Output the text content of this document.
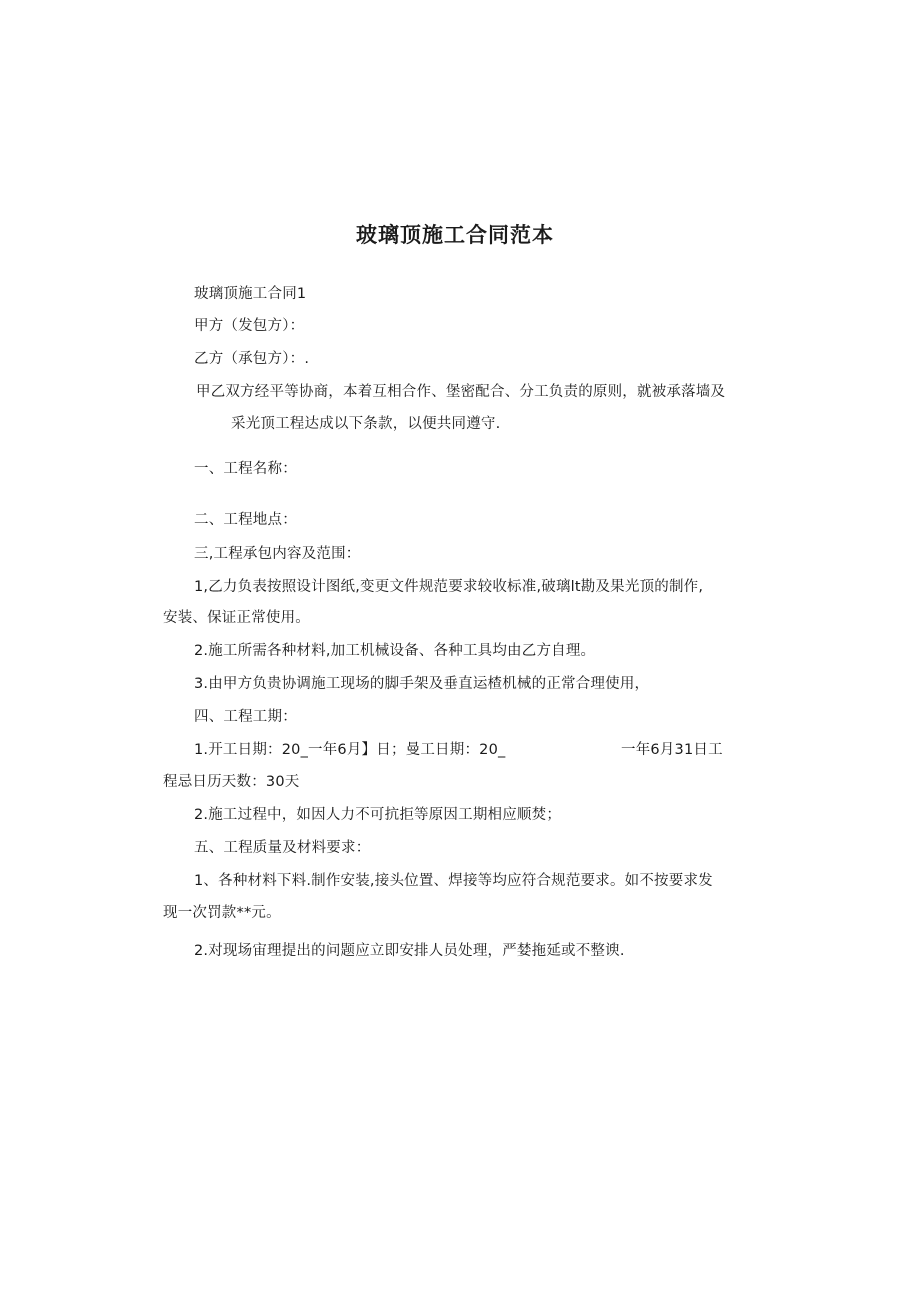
玻璃顶施工合同范本
玻璃顶施工合同1
甲方（发包方）：
乙方（承包方）：.
甲乙双方经平等协商，本着互相合作、堡密配合、分工负责的原则，就被承落墙及
采光顶工程达成以下条款，以便共同遵守.
一、工程名称：
二、工程地点：
三,工程承包内容及范围：
1,乙力负表按照设计图纸,变更文件规范要求较收标准,破璃lt勘及果光顶的制作,
安装、保证正常使用。
2.施工所需各种材料,加工机械设备、各种工具均由乙方自理。
3.由甲方负贵协调施工现场的脚手架及垂直运楂机械的正常合理使用，
四、工程工期：
1.开工日期：20_一年6月】日；曼工日期：20_	一年6月31日工
程忌日历天数：30天
2.施工过程中，如因人力不可抗拒等原因工期相应顺焚；
五、工程质量及材料要求：
1、各种材料下料.制作安装,接头位置、焊接等均应符合规范要求。如不按要求发
现一次罚款**元。
2.对现场宙理提出的问题应立即安排人员处理，严婪拖延或不整谀.
